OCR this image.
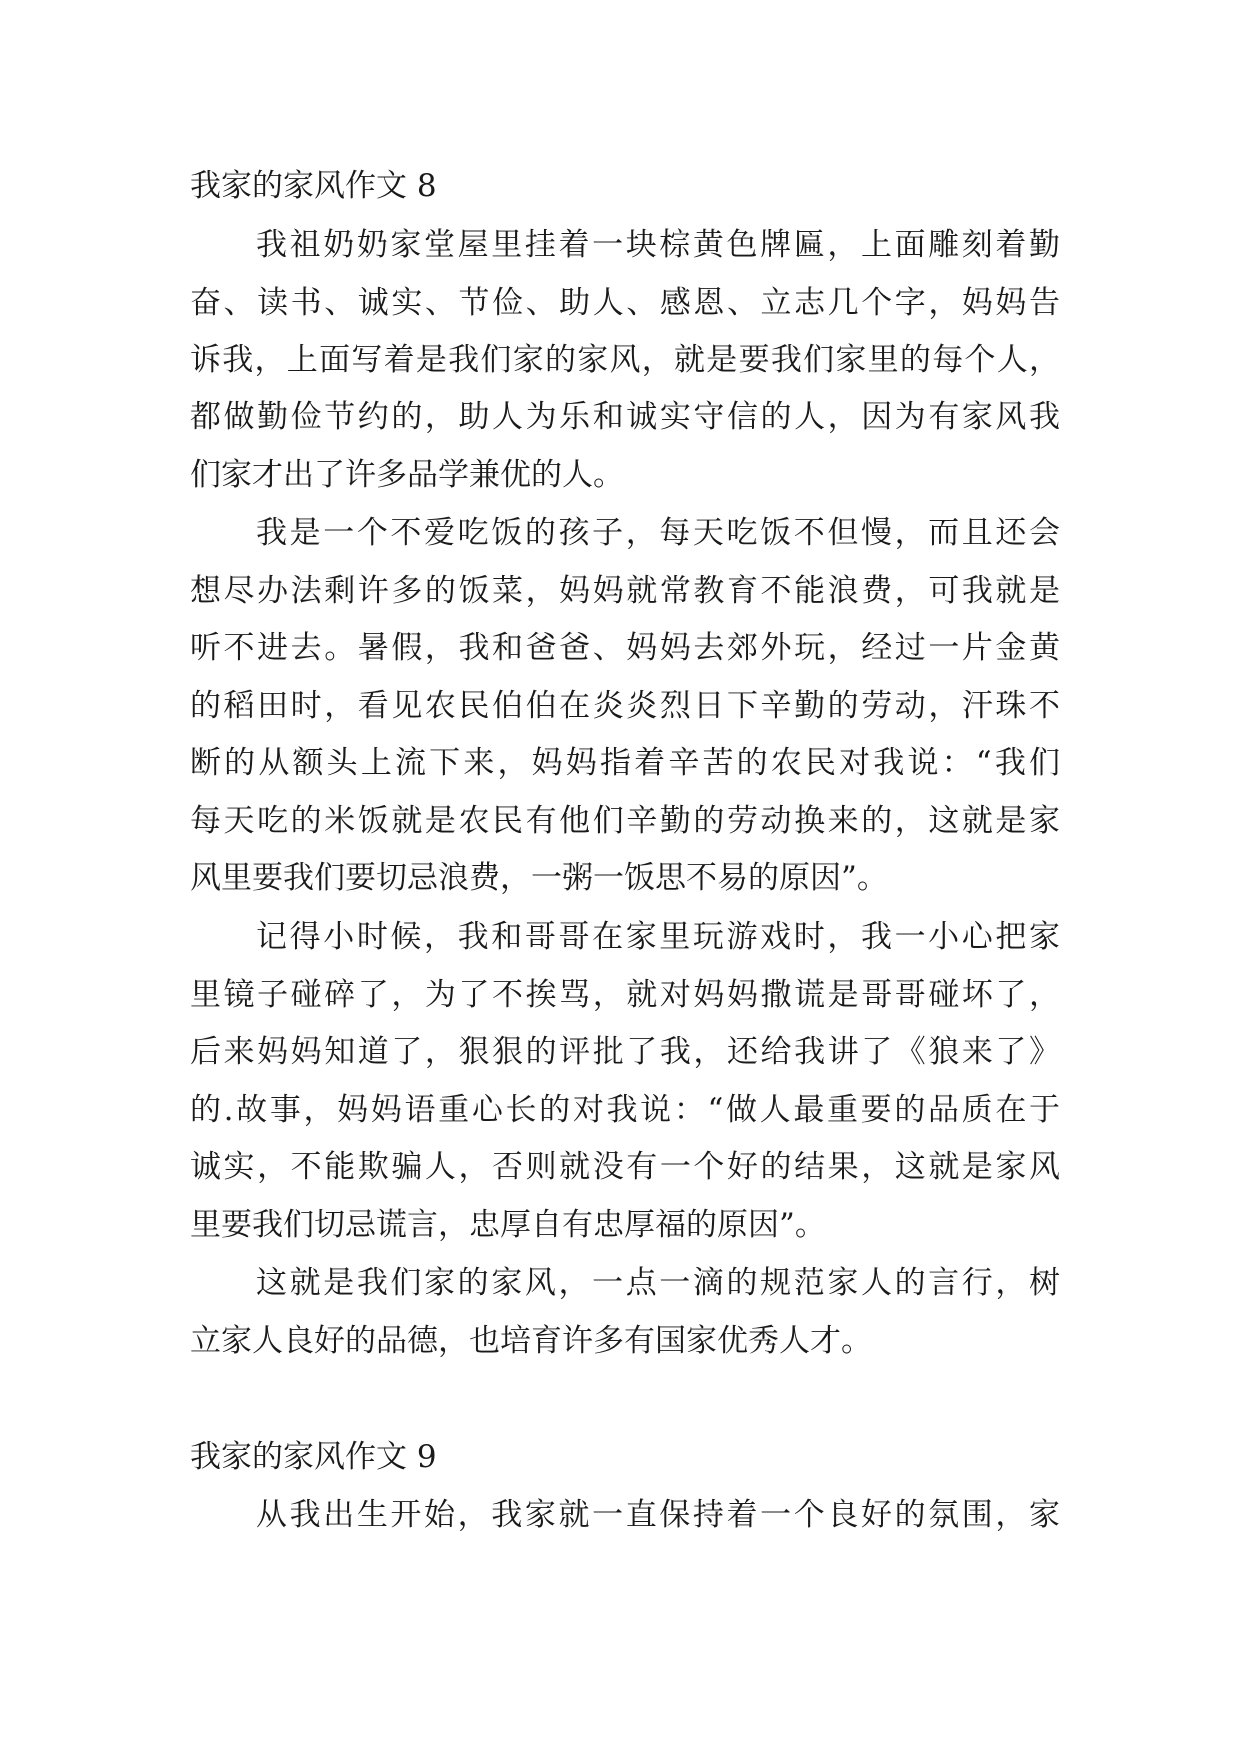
我家的家风作文 8
我祖奶奶家堂屋里挂着一块棕黄色牌匾，上面雕刻着勤
奋、读书、诚实、节俭、助人、感恩、立志几个字，妈妈告
诉我，上面写着是我们家的家风，就是要我们家里的每个人，
都做勤俭节约的，助人为乐和诚实守信的人，因为有家风我
们家才出了许多品学兼优的人。
我是一个不爱吃饭的孩子，每天吃饭不但慢，而且还会
想尽办法剩许多的饭菜，妈妈就常教育不能浪费，可我就是
听不进去。暑假，我和爸爸、妈妈去郊外玩，经过一片金黄
的稻田时，看见农民伯伯在炎炎烈日下辛勤的劳动，汗珠不
断的从额头上流下来，妈妈指着辛苦的农民对我说：“我们
每天吃的米饭就是农民有他们辛勤的劳动换来的，这就是家
风里要我们要切忌浪费，一粥一饭思不易的原因”。
记得小时候，我和哥哥在家里玩游戏时，我一小心把家
里镜子碰碎了，为了不挨骂，就对妈妈撒谎是哥哥碰坏了，
后来妈妈知道了，狠狠的评批了我，还给我讲了《狼来了》
的.故事，妈妈语重心长的对我说：“做人最重要的品质在于
诚实，不能欺骗人，否则就没有一个好的结果，这就是家风
里要我们切忌谎言，忠厚自有忠厚福的原因”。
这就是我们家的家风，一点一滴的规范家人的言行，树
立家人良好的品德，也培育许多有国家优秀人才。
我家的家风作文 9
从我出生开始，我家就一直保持着一个良好的氛围，家
